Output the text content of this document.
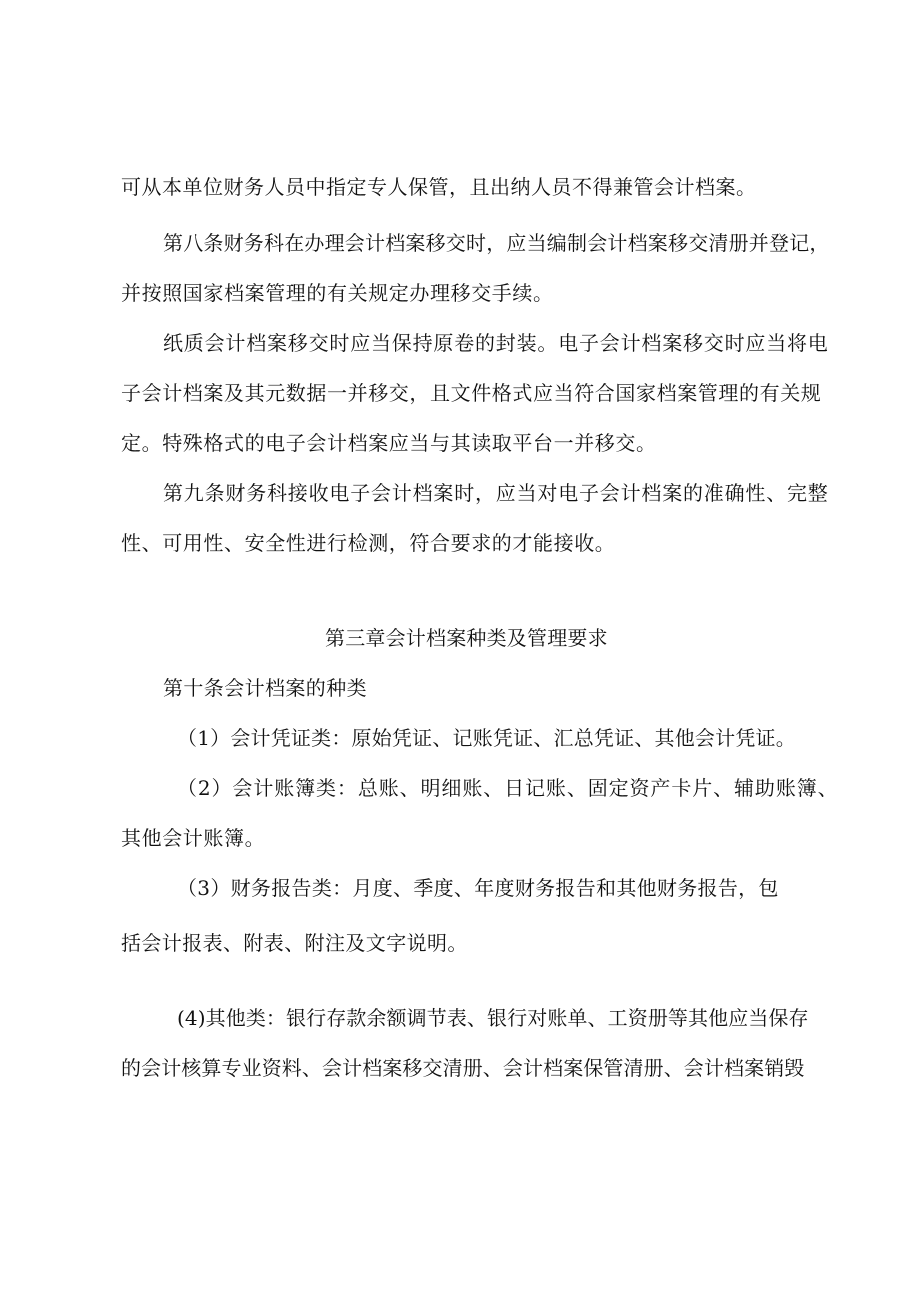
可从本单位财务人员中指定专人保管，且出纳人员不得兼管会计档案。

第八条财务科在办理会计档案移交时，应当编制会计档案移交清册并登记，

并按照国家档案管理的有关规定办理移交手续。

纸质会计档案移交时应当保持原卷的封装。电子会计档案移交时应当将电

子会计档案及其元数据一并移交，且文件格式应当符合国家档案管理的有关规

定。特殊格式的电子会计档案应当与其读取平台一并移交。

第九条财务科接收电子会计档案时，应当对电子会计档案的准确性、完整

性、可用性、安全性进行检测，符合要求的才能接收。

第三章会计档案种类及管理要求

第十条会计档案的种类

（1）会计凭证类：原始凭证、记账凭证、汇总凭证、其他会计凭证。

（2）会计账簿类：总账、明细账、日记账、固定资产卡片、辅助账簿、

其他会计账簿。

（3）财务报告类：月度、季度、年度财务报告和其他财务报告，包

括会计报表、附表、附注及文字说明。

(4)其他类：银行存款余额调节表、银行对账单、工资册等其他应当保存

的会计核算专业资料、会计档案移交清册、会计档案保管清册、会计档案销毁
